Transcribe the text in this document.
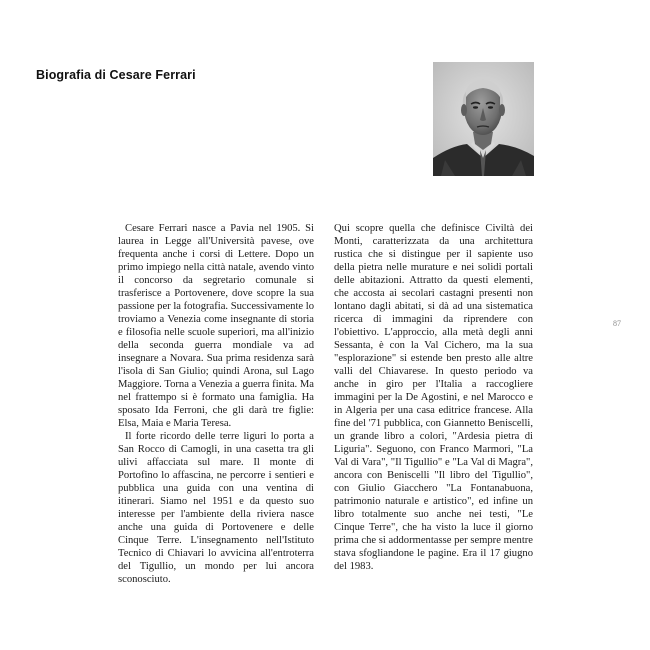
Biografia di Cesare Ferrari
87

Cesare Ferrari nasce a Pavia nel 1905. Si laurea in Legge all'Università pavese, ove frequenta anche i corsi di Lettere. Dopo un primo impiego nella città natale, avendo vinto il concorso da segretario comunale si trasferisce a Portovenere, dove scopre la sua passione per la fotografia. Successivamente lo troviamo a Venezia come insegnante di storia e filosofia nelle scuole superiori, ma all'inizio della seconda guerra mondiale va ad insegnare a Novara. Sua prima residenza sarà l'isola di San Giulio; quindi Arona, sul Lago Maggiore. Torna a Venezia a guerra finita. Ma nel frattempo si è formato una famiglia. Ha sposato Ida Ferroni, che gli darà tre figlie: Elsa, Maia e Maria Teresa.

Il forte ricordo delle terre liguri lo porta a San Rocco di Camogli, in una casetta tra gli ulivi affacciata sul mare. Il monte di Portofino lo affascina, ne percorre i sentieri e pubblica una guida con una ventina di itinerari. Siamo nel 1951 e da questo suo interesse per l'ambiente della riviera nasce anche una guida di Portovenere e delle Cinque Terre. L'insegnamento nell'Istituto Tecnico di Chiavari lo avvicina all'entroterra del Tigullio, un mondo per lui ancora sconosciuto.

Qui scopre quella che definisce Civiltà dei Monti, caratterizzata da una architettura rustica che si distingue per il sapiente uso della pietra nelle murature e nei solidi portali delle abitazioni. Attratto da questi elementi, che accosta ai secolari castagni presenti non lontano dagli abitati, si dà ad una sistematica ricerca di immagini da riprendere con l'obiettivo. L'approccio, alla metà degli anni Sessanta, è con la Val Cichero, ma la sua "esplorazione" si estende ben presto alle altre valli del Chiavarese. In questo periodo va anche in giro per l'Italia a raccogliere immagini per la De Agostini, e nel Marocco e in Algeria per una casa editrice francese. Alla fine del '71 pubblica, con Giannetto Beniscelli, un grande libro a colori, "Ardesia pietra di Liguria". Seguono, con Franco Marmori, "La Val di Vara", "Il Tigullio" e "La Val di Magra", ancora con Beniscelli "Il libro del Tigullio", con Giulio Giacchero "La Fontanabuona, patrimonio naturale e artistico", ed infine un libro totalmente suo anche nei testi, "Le Cinque Terre", che ha visto la luce il giorno prima che si addormentasse per sempre mentre stava sfogliandone le pagine. Era il 17 giugno del 1983.
